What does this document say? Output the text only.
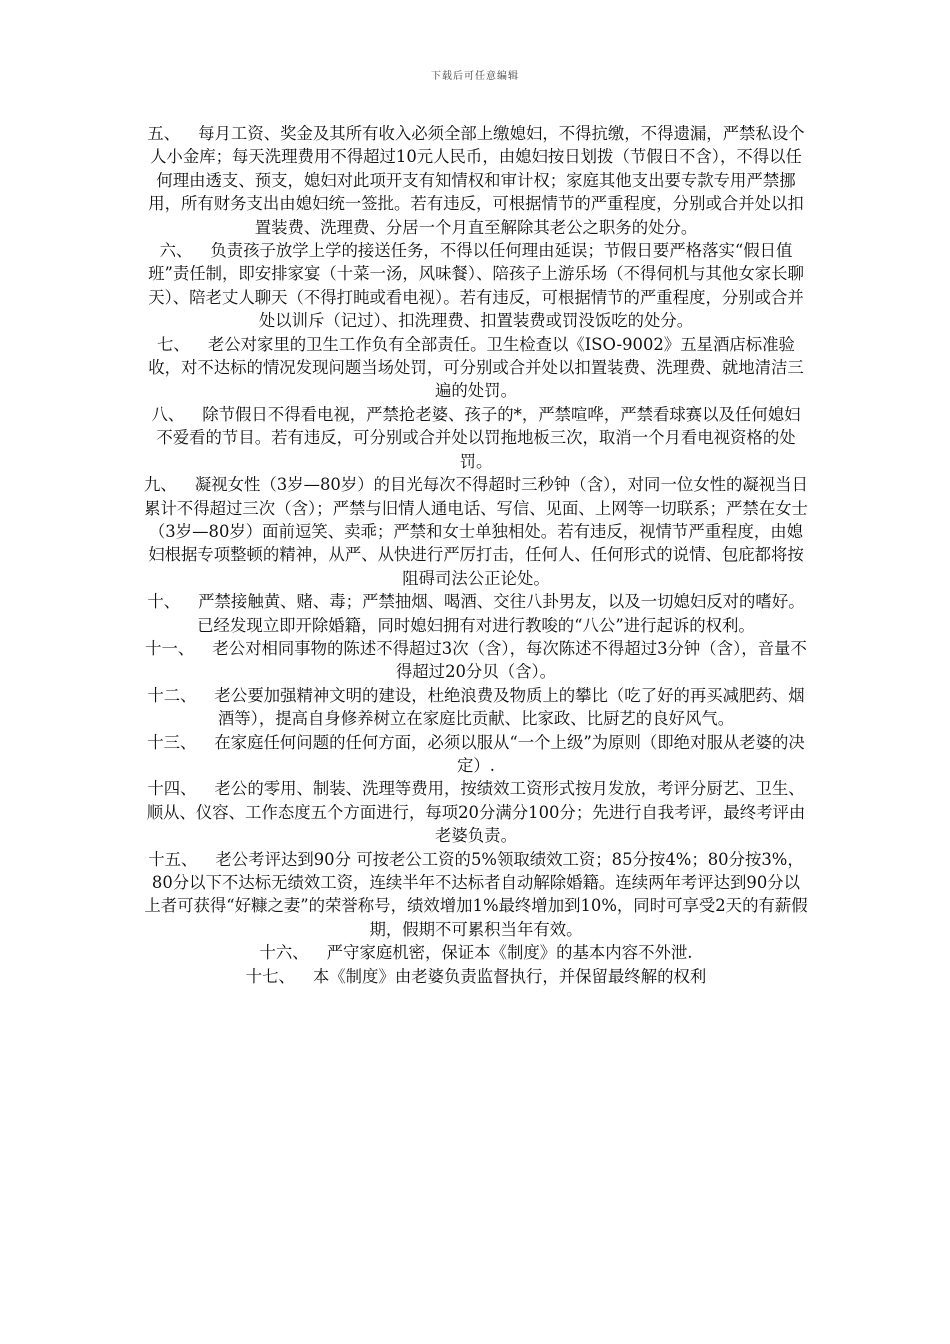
下载后可任意编辑

五、 每月工资、奖金及其所有收入必须全部上缴媳妇，不得抗缴，不得遗漏，严禁私设个人小金库；每天洗理费用不得超过10元人民币，由媳妇按日划拨（节假日不含），不得以任何理由透支、预支，媳妇对此项开支有知情权和审计权；家庭其他支出要专款专用严禁挪用，所有财务支出由媳妇统一签批。若有违反，可根据情节的严重程度，分别或合并处以扣置装费、洗理费、分居一个月直至解除其老公之职务的处分。

六、 负责孩子放学上学的接送任务，不得以任何理由延误；节假日要严格落实“假日值班”责任制，即安排家宴（十菜一汤，风味餐）、陪孩子上游乐场（不得伺机与其他女家长聊天）、陪老丈人聊天（不得打盹或看电视）。若有违反，可根据情节的严重程度，分别或合并处以训斥（记过）、扣洗理费、扣置装费或罚没饭吃的处分。

七、 老公对家里的卫生工作负有全部责任。卫生检查以《ISO-9002》五星酒店标准验收，对不达标的情况发现问题当场处罚，可分别或合并处以扣置装费、洗理费、就地清洁三遍的处罚。

八、 除节假日不得看电视，严禁抢老婆、孩子的*，严禁喧哗，严禁看球赛以及任何媳妇不爱看的节目。若有违反，可分别或合并处以罚拖地板三次，取消一个月看电视资格的处罚。

九、 凝视女性（3岁—80岁）的目光每次不得超时三秒钟（含），对同一位女性的凝视当日累计不得超过三次（含）；严禁与旧情人通电话、写信、见面、上网等一切联系；严禁在女士（3岁—80岁）面前逗笑、卖乖；严禁和女士单独相处。若有违反，视情节严重程度，由媳妇根据专项整顿的精神，从严、从快进行严厉打击，任何人、任何形式的说情、包庇都将按阻碍司法公正论处。

十、 严禁接触黄、赌、毒；严禁抽烟、喝酒、交往八卦男友，以及一切媳妇反对的嗜好。已经发现立即开除婚籍，同时媳妇拥有对进行教唆的“八公”进行起诉的权利。

十一、 老公对相同事物的陈述不得超过3次（含），每次陈述不得超过3分钟（含），音量不得超过20分贝（含）。

十二、 老公要加强精神文明的建设，杜绝浪费及物质上的攀比（吃了好的再买减肥药、烟酒等），提高自身修养树立在家庭比贡献、比家政、比厨艺的良好风气。

十三、 在家庭任何问题的任何方面，必须以服从“一个上级”为原则（即绝对服从老婆的决定）.

十四、 老公的零用、制装、洗理等费用，按绩效工资形式按月发放，考评分厨艺、卫生、顺从、仪容、工作态度五个方面进行，每项20分满分100分；先进行自我考评，最终考评由老婆负责。

十五、 老公考评达到90分 可按老公工资的5%领取绩效工资；85分按4%；80分按3%，80分以下不达标无绩效工资，连续半年不达标者自动解除婚籍。连续两年考评达到90分以上者可获得“好糠之妻”的荣誉称号，绩效增加1%最终增加到10%，同时可享受2天的有薪假期，假期不可累积当年有效。

十六、 严守家庭机密，保证本《制度》的基本内容不外泄.

十七、 本《制度》由老婆负责监督执行，并保留最终解的权利
